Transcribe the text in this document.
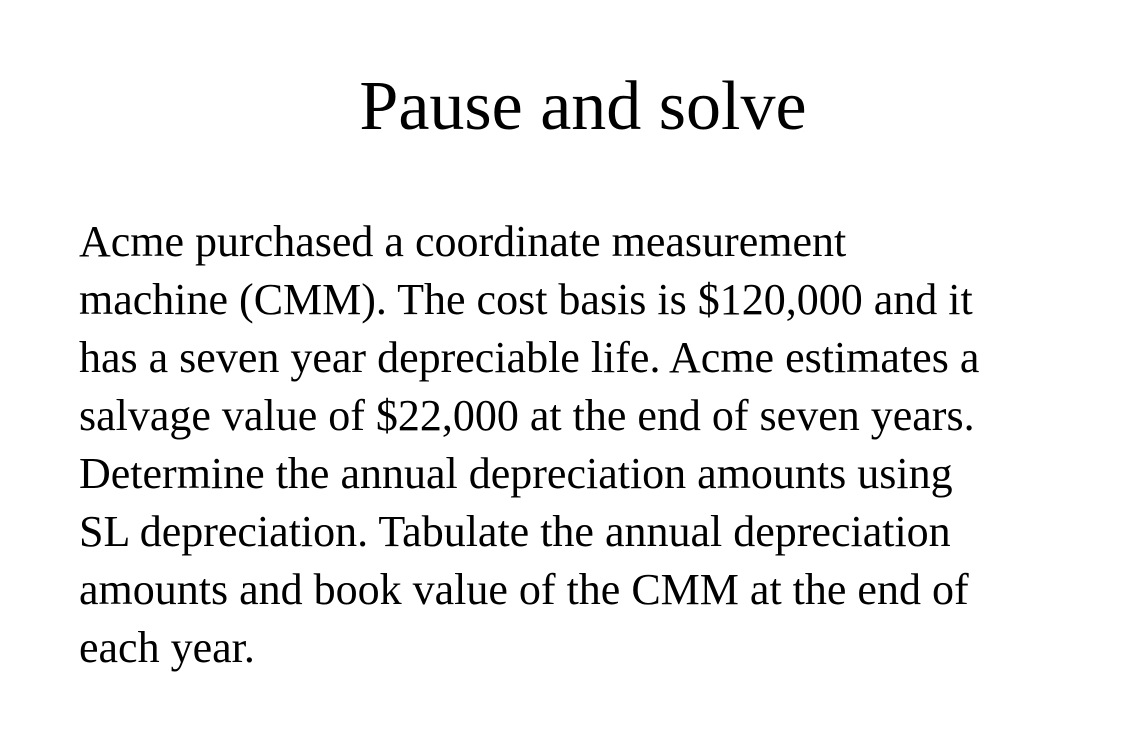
Pause and solve
Acme purchased a coordinate measurement
machine (CMM). The cost basis is $120,000 and it
has a seven year depreciable life. Acme estimates a
salvage value of $22,000 at the end of seven years.
Determine the annual depreciation amounts using
SL depreciation. Tabulate the annual depreciation
amounts and book value of the CMM at the end of
each year.
